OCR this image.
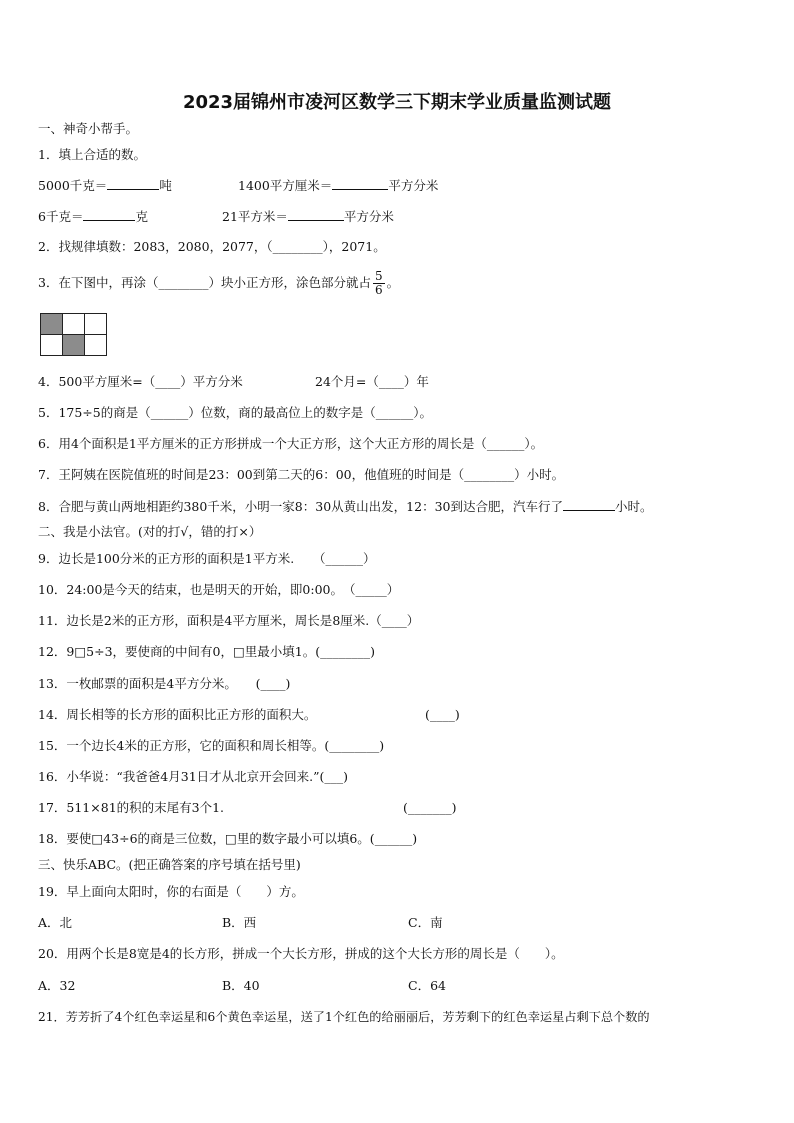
2023届锦州市凌河区数学三下期末学业质量监测试题
一、神奇小帮手。
1．填上合适的数。
5000千克＝	吨	1400平方厘米＝	平方分米
6千克＝	克	21平方米＝	平方分米
2．找规律填数：2083，2080，2077，（________），2071。
3．在下图中，再涂（________）块小正方形，涂色部分就占 $\frac{5}{6}$ 。

4．500平方厘米=（____）平方分米	24个月=（____）年
5．175÷5的商是（______）位数，商的最高位上的数字是（______）。
6．用4个面积是1平方厘米的正方形拼成一个大正方形，这个大正方形的周长是（______）。
7．王阿姨在医院值班的时间是23：00到第二天的6：00，他值班的时间是（________）小时。
8．合肥与黄山两地相距约380千米，小明一家8：30从黄山出发，12：30到达合肥，汽车行了	小时。
二、我是小法官。(对的打√，错的打×）
9．边长是100分米的正方形的面积是1平方米.　　（______）
10．24:00是今天的结束，也是明天的开始，即0:00。　（_____）
11．边长是2米的正方形，面积是4平方厘米，周长是8厘米.（____）
12．9□5÷3，要使商的中间有0，□里最小填1。(________)
13．一枚邮票的面积是4平方分米。　　(____)
14．周长相等的长方形的面积比正方形的面积大。	(____)
15．一个边长4米的正方形，它的面积和周长相等。(________)
16．小华说：“我爸爸4月31日才从北京开会回来.”(___)
17．511×81的积的末尾有3个1.	(_______)
18．要使□43÷6的商是三位数，□里的数字最小可以填6。(______)
三、快乐ABC。(把正确答案的序号填在括号里)
19．早上面向太阳时，你的右面是（　　）方。
A．北	B．西	C．南
20．用两个长是8宽是4的长方形，拼成一个大长方形，拼成的这个大长方形的周长是（　　）。
A．32	B．40	C．64
21．芳芳折了4个红色幸运星和6个黄色幸运星，送了1个红色的给丽丽后，芳芳剩下的红色幸运星占剩下总个数的
